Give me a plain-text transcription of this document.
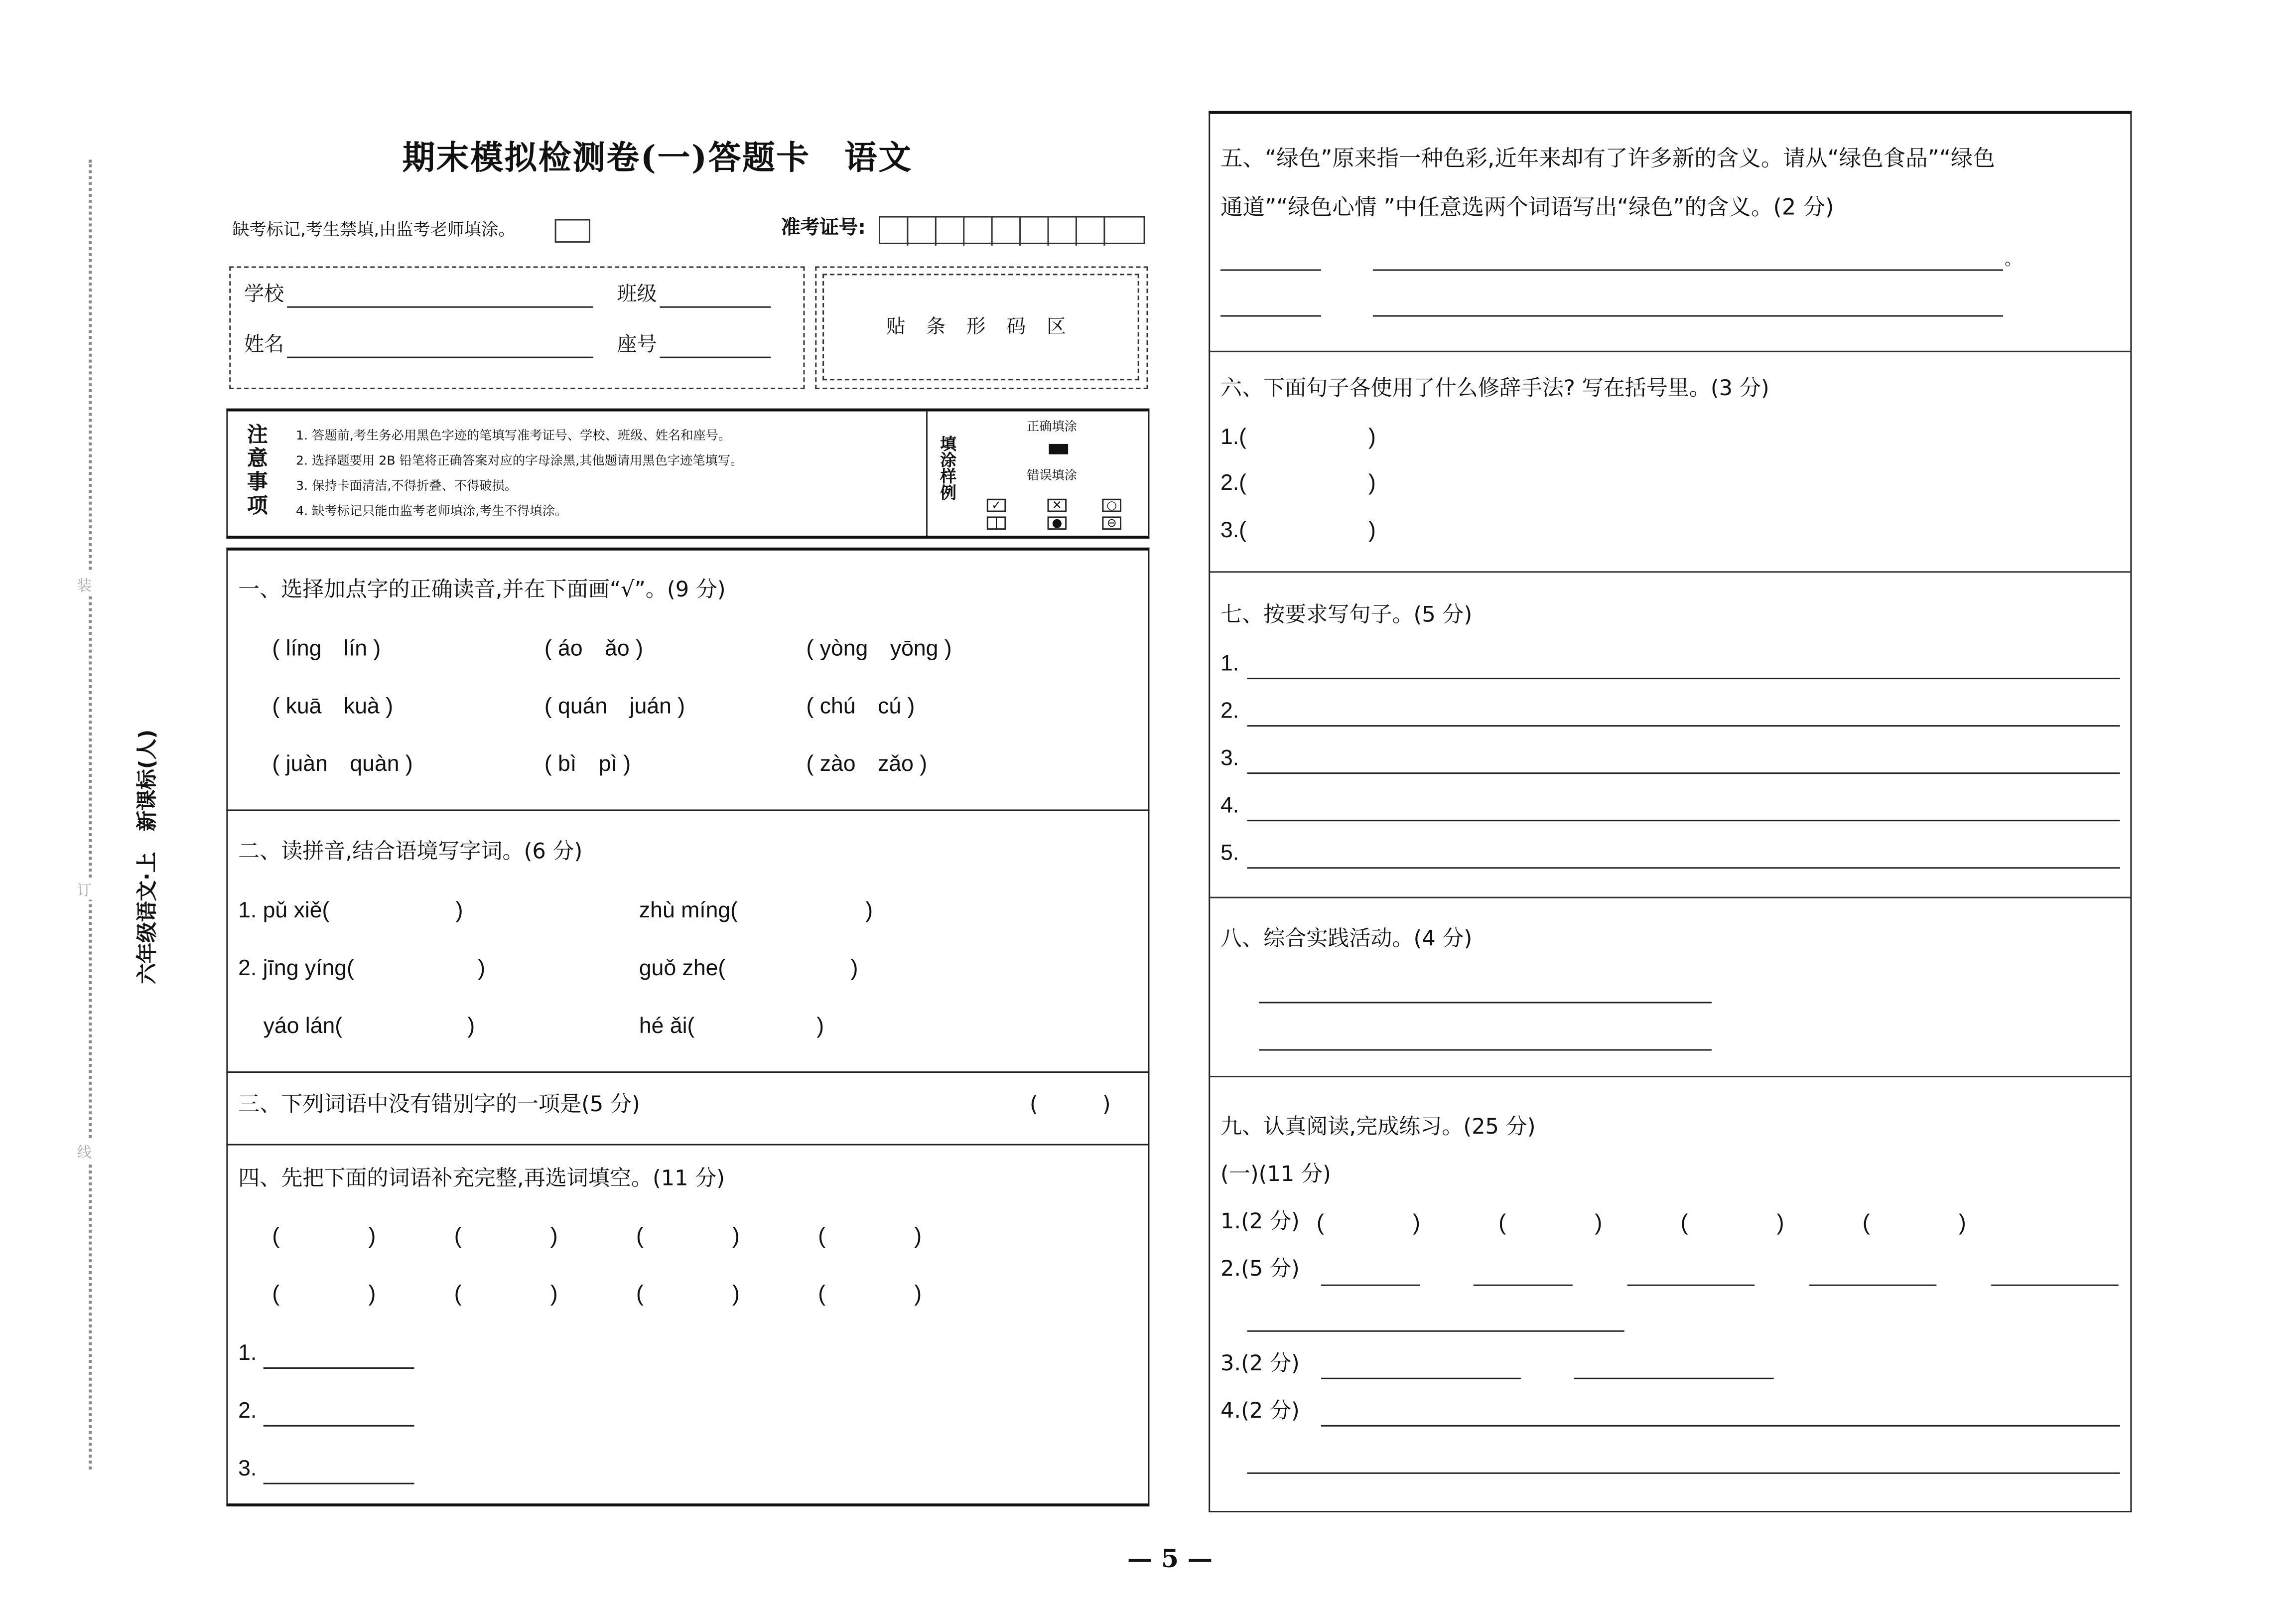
装
订
线
六年级语文·上　新课标(人)
期末模拟检测卷(一)答题卡　语文
缺考标记,考生禁填,由监考老师填涂。	准考证号:
学校	班级
姓名	座号
贴 条 形 码 区
注意事项	1. 答题前,考生务必用黑色字迹的笔填写准考证号、学校、班级、姓名和座号。
2. 选择题要用 2B 铅笔将正确答案对应的字母涂黑,其他题请用黑色字迹笔填写。
3. 保持卡面清洁,不得折叠、不得破损。
4. 缺考标记只能由监考老师填涂,考生不得填涂。
填涂样例
正确填涂
错误填涂
✓	✕	○
|	●	⊖
一、选择加点字的正确读音,并在下面画“√”。(9 分)
( líng　lín )	( áo　ǎo )	( yòng　yōng )
( kuā　kuà )	( quán　juán )	( chú　cú )
( juàn　quàn )	( bì　pì )	( zào　zǎo )
二、读拼音,结合语境写字词。(6 分)
1. pǔ xiě(	)	zhù míng(	)
2. jīng yíng(	)	guǒ zhe(	)
yáo lán(	)	hé ǎi(	)
三、下列词语中没有错别字的一项是(5 分)	(　　　)
四、先把下面的词语补充完整,再选词填空。(11 分)
(　　　　)	(　　　　)	(　　　　)	(　　　　)
(　　　　)	(　　　　)	(　　　　)	(　　　　)
1.
2.
3.
五、“绿色”原来指一种色彩,近年来却有了许多新的含义。请从“绿色食品”“绿色
通道”“绿色心情 ”中任意选两个词语写出“绿色”的含义。(2 分)
。
六、下面句子各使用了什么修辞手法? 写在括号里。(3 分)
1.(	)
2.(	)
3.(	)
七、按要求写句子。(5 分)
1.
2.
3.
4.
5.
八、综合实践活动。(4 分)
九、认真阅读,完成练习。(25 分)
(一)(11 分)
1.(2 分) (　　　　)	(　　　　)	(　　　　)	(　　　　)
2.(5 分)
3.(2 分)
4.(2 分)
— 5 —
